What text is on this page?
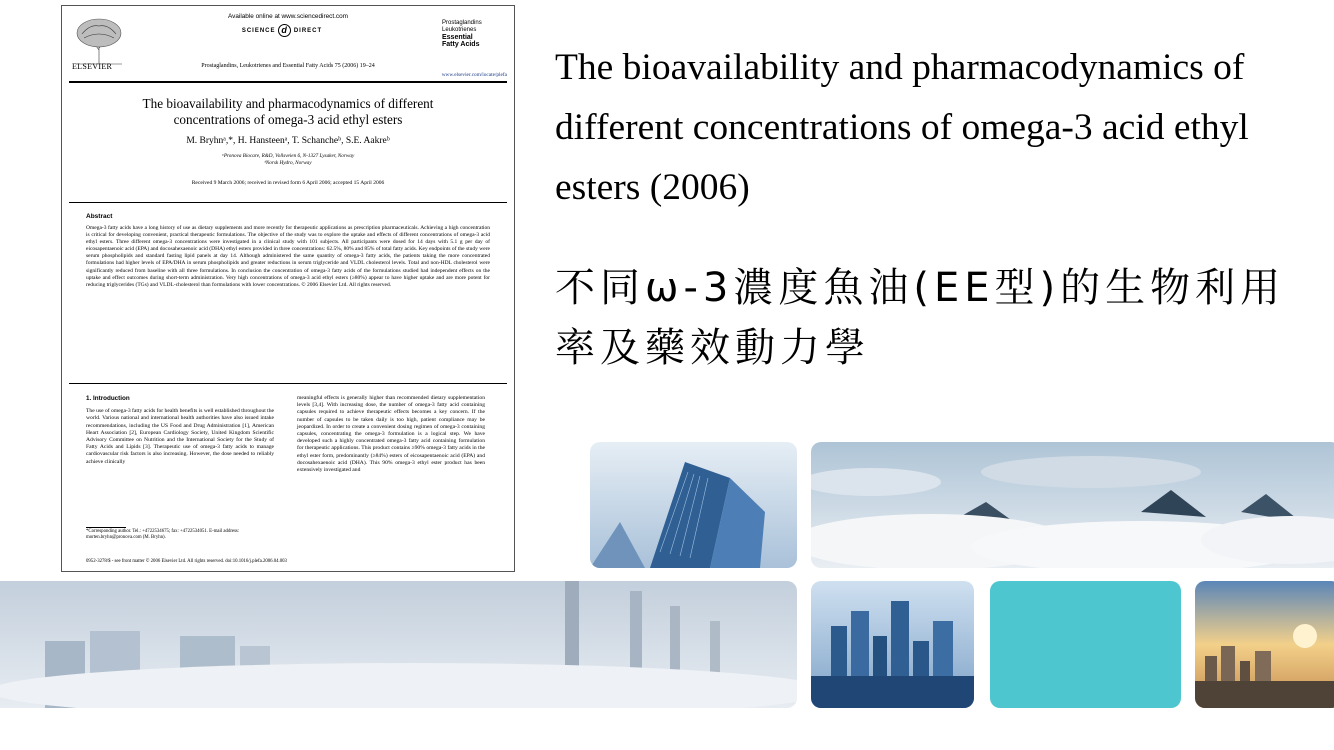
ELSEVIER
Available online at www.sciencedirect.com
SCIENCE d DIRECT
Prostaglandins, Leukotrienes and Essential Fatty Acids 75 (2006) 19–24
Prostaglandins
Leukotrienes
Essential
Fatty Acids
www.elsevier.com/locate/plefa
The bioavailability and pharmacodynamics of different
concentrations of omega-3 acid ethyl esters
M. Bryhnᵃ,*, H. Hansteenᵃ, T. Schancheᵇ, S.E. Aakreᵇ
ᵃPronova Biocare, R&D, Vollsveien 6, N-1327 Lysaker, Norway
ᵇNorsk Hydro, Norway
Received 9 March 2006; received in revised form 6 April 2006; accepted 15 April 2006
Abstract

Omega-3 fatty acids have a long history of use as dietary supplements and more recently for therapeutic applications as prescription pharmaceuticals. Achieving a high concentration is critical for developing convenient, practical therapeutic formulations. The objective of the study was to explore the uptake and effects of different concentrations of omega-3 acid ethyl esters. Three different omega-3 concentrations were investigated in a clinical study with 101 subjects. All participants were dosed for 14 days with 5.1 g per day of eicosapentaenoic acid (EPA) and docosahexaenoic acid (DHA) ethyl esters provided in three concentrations: 62.5%, 80% and 85% of total fatty acids. Key endpoints of the study were serum phospholipids and standard fasting lipid panels at day 14. Although administered the same quantity of omega-3 fatty acids, the patients taking the more concentrated formulations had higher levels of EPA/DHA in serum phospholipids and greater reductions in serum triglyceride and VLDL cholesterol levels. Total and non-HDL cholesterol were significantly reduced from baseline with all three formulations. In conclusion the concentration of omega-3 fatty acids of the formulations studied had independent effects on the uptake and effect outcomes during short-term administration. Very high concentrations of omega-3 acid ethyl esters (≥80%) appear to have higher uptake and are more potent for reducing triglycerides (TGs) and VLDL-cholesterol than formulations with lower concentrations. © 2006 Elsevier Ltd. All rights reserved.

1. Introduction
The use of omega-3 fatty acids for health benefits is well established throughout the world. Various national and international health authorities have also issued intake recommendations, including the US Food and Drug Administration [1], American Heart Association [2], European Cardiology Society, United Kingdom Scientific Advisory Committee on Nutrition and the International Society for the Study of Fatty Acids and Lipids [3]. Therapeutic use of omega-3 fatty acids to manage cardiovascular risk factors is also increasing. However, the dose needed to reliably achieve clinically

meaningful effects is generally higher than recommended dietary supplementation levels [3,4]. With increasing dose, the number of omega-3 fatty acid containing capsules required to achieve therapeutic effects becomes a key concern. If the number of capsules to be taken daily is too high, patient compliance may be jeopardized. In order to create a convenient dosing regimen of omega-3 containing capsules, concentrating the omega-3 formulation is a logical step. We have developed such a highly concentrated omega-3 fatty acid containing formulation for therapeutic applications. This product contains ≥90% omega-3 fatty acids in the ethyl ester form, predominantly (≥84%) esters of eicosapentaenoic acid (EPA) and docosahexaenoic acid (DHA). This 90% omega-3 ethyl ester product has been extensively investigated and

*Corresponding author. Tel.: +4722534675; fax: +4722534051. E-mail address: morten.bryhn@pronova.com (M. Bryhn).
0952-3278/$ - see front matter © 2006 Elsevier Ltd. All rights reserved. doi:10.1016/j.plefa.2006.04.003
The bioavailability and pharmacodynamics of different concentrations of omega-3 acid ethyl esters (2006)
不同ω-3濃度魚油(EE型)的生物利用率及藥效動力學
